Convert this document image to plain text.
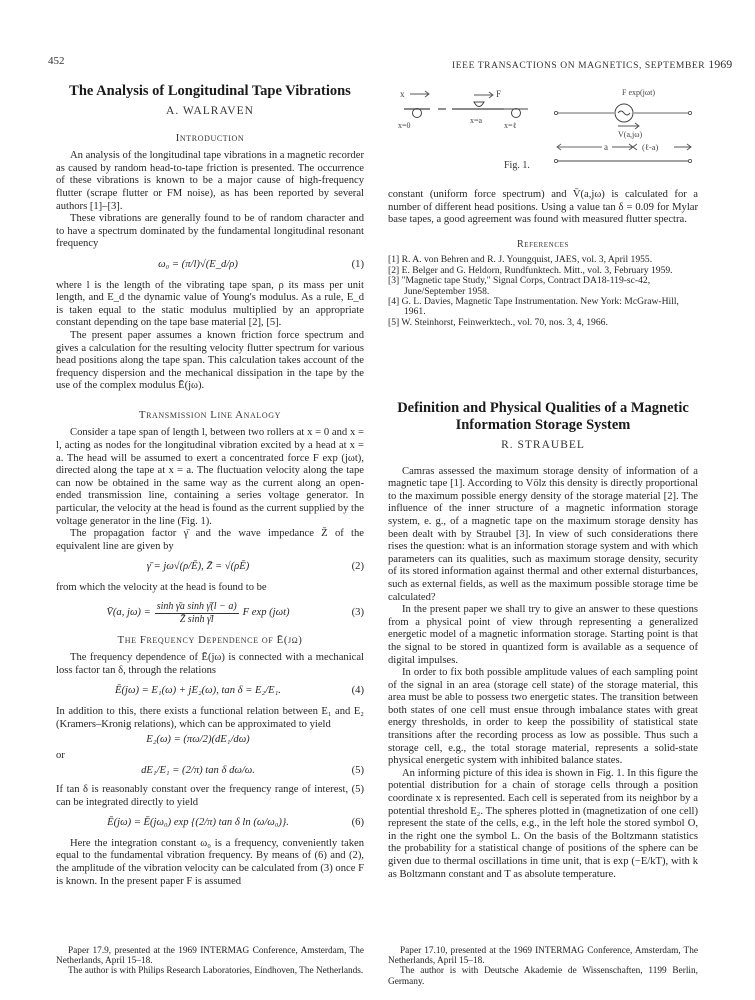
452	IEEE TRANSACTIONS ON MAGNETICS, SEPTEMBER 1969
x	F
x=0
x=a
x=ℓ
F exp(jωt)
V(a,jω)
a	(ℓ-a)
Fig. 1.
The Analysis of Longitudinal Tape Vibrations
A. WALRAVEN
Introduction

An analysis of the longitudinal tape vibrations in a magnetic recorder as caused by random head-to-tape friction is presented. The occurrence of these vibrations is known to be a major cause of high-frequency flutter (scrape flutter or FM noise), as has been reported by several authors [1]–[3].

These vibrations are generally found to be of random character and to have a spectrum dominated by the fundamental longitudinal resonant frequency

ω₀ = (π/l)√(E_d/ρ)	(1)

where l is the length of the vibrating tape span, ρ its mass per unit length, and E_d the dynamic value of Young's modulus. As a rule, E_d is taken equal to the static modulus multiplied by an appropriate constant depending on the tape base material [2], [5].

The present paper assumes a known friction force spectrum and gives a calculation for the resulting velocity flutter spectrum for various head positions along the tape span. This calculation takes account of the frequency dispersion and the mechanical dissipation in the tape by the use of the complex modulus Ē(jω).

Transmission Line Analogy

Consider a tape span of length l, between two rollers at x = 0 and x = l, acting as nodes for the longitudinal vibration excited by a head at x = a. The head will be assumed to exert a concentrated force F exp (jωt), directed along the tape at x = a. The fluctuation velocity along the tape can now be obtained in the same way as the current along an open-ended transmission line, containing a series voltage generator. In particular, the velocity at the head is found as the current supplied by the voltage generator in the line (Fig. 1).

The propagation factor γ̄ and the wave impedance Z̄ of the equivalent line are given by

γ̄ = jω√(ρ/Ē), Z̄ = √(ρĒ)	(2)

from which the velocity at the head is found to be

V̄(a, $j\omega) = \frac{\text{sinh γ̄a sinh γ̄(l − a)}}{\text{Z̄ sinh γ̄l}}$ F exp (jωt)	(3)
The Frequency Dependence of Ē(jω)

The frequency dependence of Ē(jω) is connected with a mechanical loss factor tan δ, through the relations

Ē(jω) = E₁(ω) + jE₂(ω), tan δ = E₂/E₁.	(4)

In addition to this, there exists a functional relation between E₁ and E₂ (Kramers–Kronig relations), which can be approximated to yield

E₂(ω) = (πω/2)(dE₁/dω)

or

dE₁/E₁ = (2/π) tan δ dω/ω.	(5)

If tan δ is reasonably constant over the frequency range of interest, (5) can be integrated directly to yield

Ē(jω) = Ē(jω₀) exp {(2/π) tan δ ln (ω/ω₀)}.	(6)

Here the integration constant ω₀ is a frequency, conveniently taken equal to the fundamental vibration frequency. By means of (6) and (2), the amplitude of the vibration velocity can be calculated from (3) once F is known. In the present paper F is assumed

Paper 17.9, presented at the 1969 INTERMAG Conference, Amsterdam, The Netherlands, April 15–18.

The author is with Philips Research Laboratories, Eindhoven, The Netherlands.

constant (uniform force spectrum) and V̄(a,jω) is calculated for a number of different head positions. Using a value tan δ = 0.09 for Mylar base tapes, a good agreement was found with measured flutter spectra.

References
[1] R. A. von Behren and R. J. Youngquist, JAES, vol. 3, April 1955.
[2] E. Belger and G. Heldorn, Rundfunktech. Mitt., vol. 3, February 1959.
[3] "Magnetic tape Study," Signal Corps, Contract DA18-119-sc-42, June/September 1958.
[4] G. L. Davies, Magnetic Tape Instrumentation. New York: McGraw-Hill, 1961.
[5] W. Steinhorst, Feinwerktech., vol. 70, nos. 3, 4, 1966.
Definition and Physical Qualities of a Magnetic
Information Storage System
R. STRAUBEL

Camras assessed the maximum storage density of information of a magnetic tape [1]. According to Völz this density is directly proportional to the maximum possible energy density of the storage material [2]. The influence of the inner structure of a magnetic information storage system, e. g., of a magnetic tape on the maximum storage density has been dealt with by Straubel [3]. In view of such considerations there rises the question: what is an information storage system and with which parameters can its qualities, such as maximum storage density, security of its stored information against thermal and other external disturbances, such as external fields, as well as the maximum possible storage time be calculated?

In the present paper we shall try to give an answer to these questions from a physical point of view through representing a generalized energetic model of a magnetic information storage. Starting point is that the signal to be stored in quantized form is available as a sequence of digital impulses.

In order to fix both possible amplitude values of each sampling point of the signal in an area (storage cell state) of the storage material, this area must be able to possess two energetic states. The transition between both states of one cell must ensue through imbalance states with great energy thresholds, in order to keep the possibility of statistical state transitions after the recording process as low as possible. Thus such a storage cell, e.g., the total storage material, represents a solid-state physical energetic system with inhibited balance states.

An informing picture of this idea is shown in Fig. 1. In this figure the potential distribution for a chain of storage cells through a position coordinate x is represented. Each cell is seperated from its neighbor by a potential threshold E₂. The spheres plotted in (magnetization of one cell) represent the state of the cells, e.g., in the left hole the stored symbol O, in the right one the symbol L. On the basis of the Boltzmann statistics the probability for a statistical change of positions of the sphere can be given due to thermal oscillations in time unit, that is exp (−E/kT), with k as Boltzmann constant and T as absolute temperature.

Paper 17.10, presented at the 1969 INTERMAG Conference, Amsterdam, The Netherlands, April 15–18.

The author is with Deutsche Akademie de Wissenschaften, 1199 Berlin, Germany.
